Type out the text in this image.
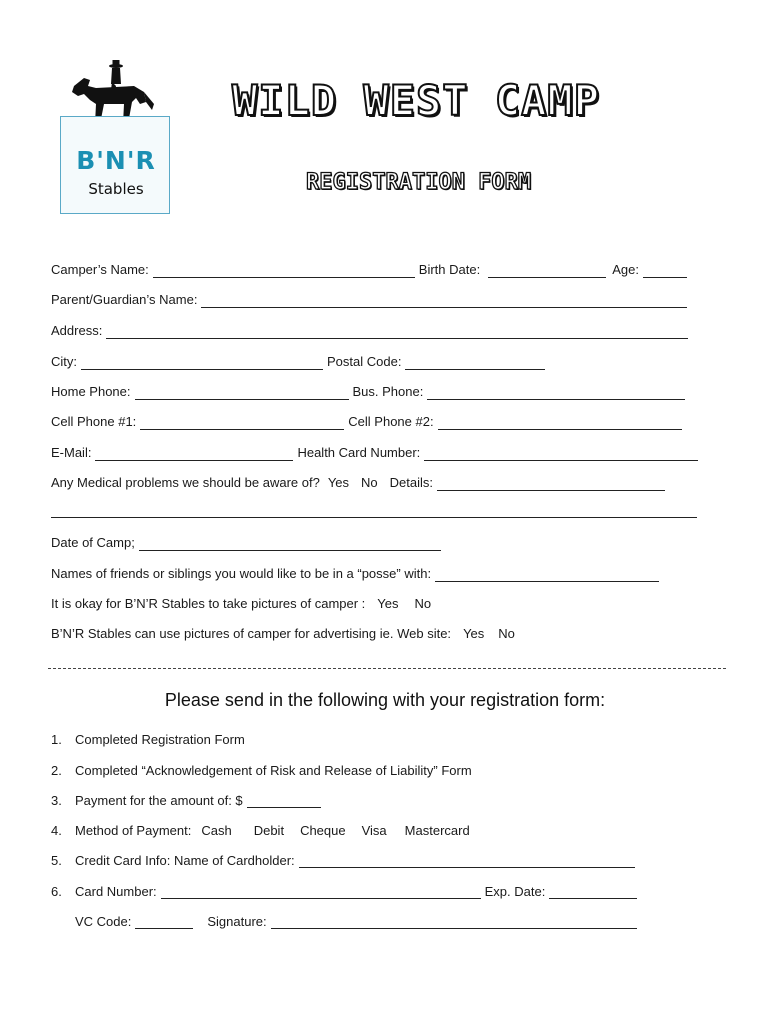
B'N'R
Stables
WILD WEST CAMP
REGISTRATION FORM
Camper’s Name:	Birth Date:	Age:
Parent/Guardian’s Name:
Address:
City:	Postal Code:
Home Phone:	Bus. Phone:
Cell Phone #1:	Cell Phone #2:
E-Mail:	Health Card Number:
Any Medical problems we should be aware of? Yes No Details:
Date of Camp;
Names of friends or siblings you would like to be in a “posse” with:
It is okay for B’N’R Stables to take pictures of camper : Yes No
B’N’R Stables can use pictures of camper for advertising ie. Web site: Yes No
Please send in the following with your registration form:
1.	Completed Registration Form
2.	Completed “Acknowledgement of Risk and Release of Liability” Form
3.	Payment for the amount of: $
4.	Method of Payment: Cash Debit Cheque Visa Mastercard
5.	Credit Card Info: Name of Cardholder:
6.	Card Number:	Exp. Date:
VC Code:	Signature:
